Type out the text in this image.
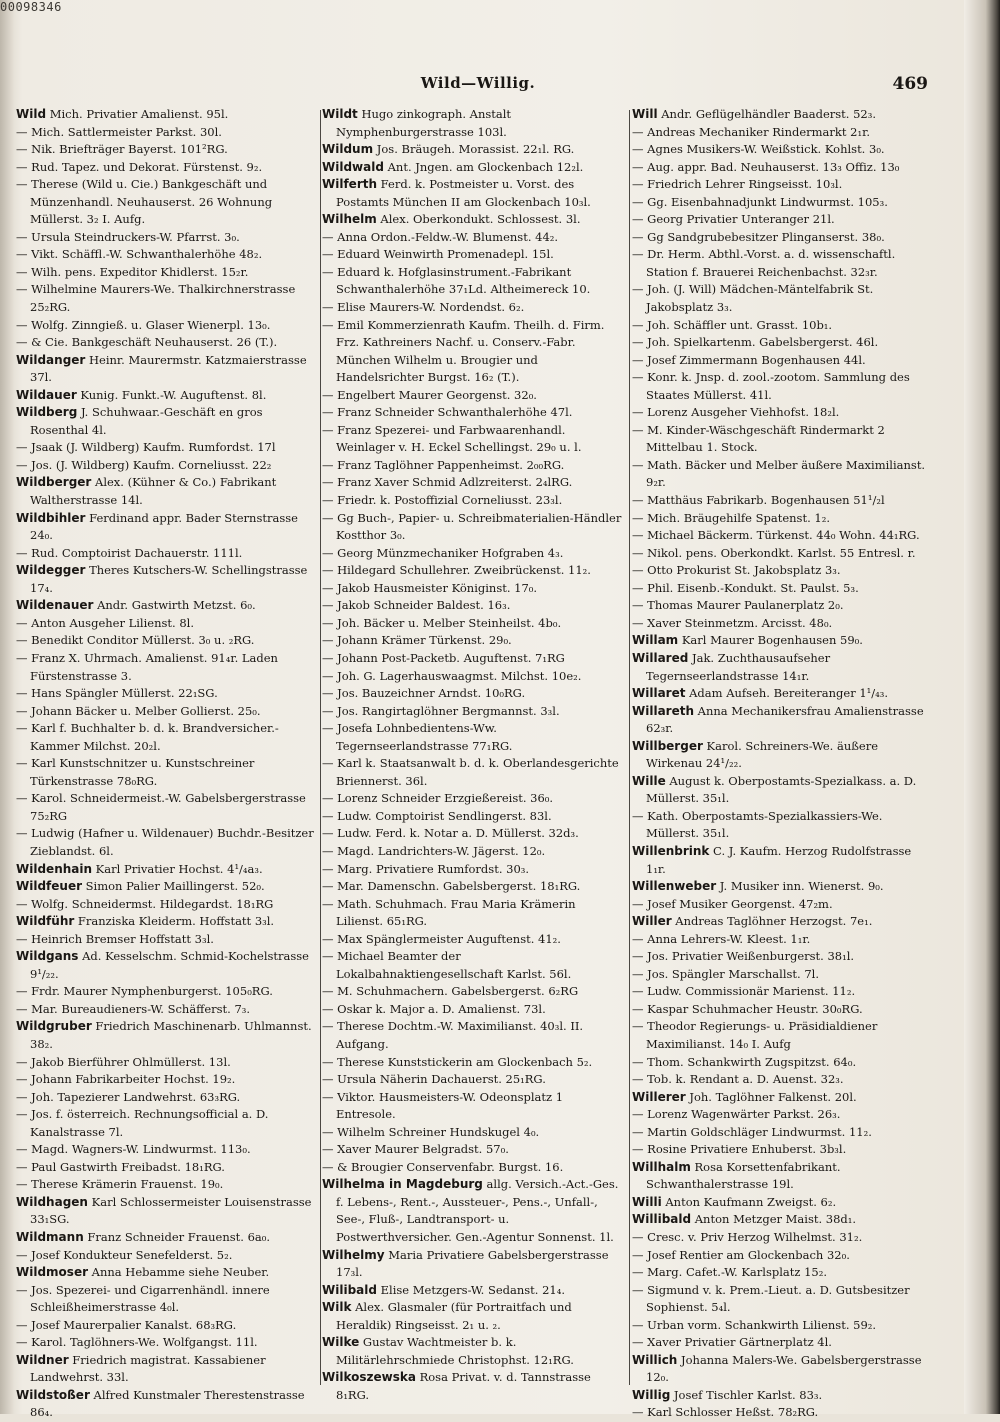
00098346
Wild—Willig.	469
Wild Mich. Privatier Amalienst. 95l.
— Mich. Sattlermeister Parkst. 30l.
— Nik. Briefträger Bayerst. 101²RG.
— Rud. Tapez. und Dekorat. Fürstenst. 9₂.
— Therese (Wild u. Cie.) Bankgeschäft und Münzenhandl. Neuhauserst. 26 Wohnung Müllerst. 3₂ I. Aufg.
— Ursula Steindruckers-W. Pfarrst. 3₀.
— Vikt. Schäffl.-W. Schwanthalerhöhe 48₂.
— Wilh. pens. Expeditor Khidlerst. 15₂r.
— Wilhelmine Maurers-We. Thalkirchnerstrasse 25₂RG.
— Wolfg. Zinngieß. u. Glaser Wienerpl. 13₀.
— & Cie. Bankgeschäft Neuhauserst. 26 (T.).
Wildanger Heinr. Maurermstr. Katzmaierstrasse 37l.
Wildauer Kunig. Funkt.-W. Auguftenst. 8l.
Wildberg J. Schuhwaar.-Geschäft en gros Rosenthal 4l.
— Jsaak (J. Wildberg) Kaufm. Rumfordst. 17l
— Jos. (J. Wildberg) Kaufm. Corneliusst. 22₂
Wildberger Alex. (Kühner & Co.) Fabrikant Waltherstrasse 14l.
Wildbihler Ferdinand appr. Bader Sternstrasse 24₀.
— Rud. Comptoirist Dachauerstr. 111l.
Wildegger Theres Kutschers-W. Schellingstrasse 17₄.
Wildenauer Andr. Gastwirth Metzst. 6₀.
— Anton Ausgeher Lilienst. 8l.
— Benedikt Conditor Müllerst. 3₀ u. ₂RG.
— Franz X. Uhrmach. Amalienst. 91₄r. Laden Fürstenstrasse 3.
— Hans Spängler Müllerst. 22₁SG.
— Johann Bäcker u. Melber Gollierst. 25₀.
— Karl f. Buchhalter b. d. k. Brandversicher.-Kammer Milchst. 20₂l.
— Karl Kunstschnitzer u. Kunstschreiner Türkenstrasse 78₀RG.
— Karol. Schneidermeist.-W. Gabelsbergerstrasse 75₂RG
— Ludwig (Hafner u. Wildenauer) Buchdr.-Besitzer Zieblandst. 6l.
Wildenhain Karl Privatier Hochst. 4¹/₄a₃.
Wildfeuer Simon Palier Maillingerst. 52₀.
— Wolfg. Schneidermst. Hildegardst. 18₁RG
Wildführ Franziska Kleiderm. Hoffstatt 3₃l.
— Heinrich Bremser Hoffstatt 3₃l.
Wildgans Ad. Kesselschm. Schmid-Kochelstrasse 9¹/₂₂.
— Frdr. Maurer Nymphenburgerst. 105₀RG.
— Mar. Bureaudieners-W. Schäfferst. 7₃.
Wildgruber Friedrich Maschinenarb. Uhlmannst. 38₂.
— Jakob Bierführer Ohlmüllerst. 13l.
— Johann Fabrikarbeiter Hochst. 19₂.
— Joh. Tapezierer Landwehrst. 63₃RG.
— Jos. f. österreich. Rechnungsofficial a. D. Kanalstrasse 7l.
— Magd. Wagners-W. Lindwurmst. 113₀.
— Paul Gastwirth Freibadst. 18₁RG.
— Therese Krämerin Frauenst. 19₀.
Wildhagen Karl Schlossermeister Louisenstrasse 33₁SG.
Wildmann Franz Schneider Frauenst. 6a₀.
— Josef Kondukteur Senefelderst. 5₂.
Wildmoser Anna Hebamme siehe Neuber.
— Jos. Spezerei- und Cigarrenhändl. innere Schleißheimerstrasse 4₀l.
— Josef Maurerpalier Kanalst. 68₃RG.
— Karol. Taglöhners-We. Wolfgangst. 11l.
Wildner Friedrich magistrat. Kassabiener Landwehrst. 33l.
Wildstoßer Alfred Kunstmaler Therestenstrasse 86₄.
Wildt Hugo zinkograph. Anstalt Nymphenburgerstrasse 103l.
Wildum Jos. Bräugeh. Morassist. 22₁l. RG.
Wildwald Ant. Jngen. am Glockenbach 12₂l.
Wilferth Ferd. k. Postmeister u. Vorst. des Postamts München II am Glockenbach 10₃l.
Wilhelm Alex. Oberkondukt. Schlossest. 3l.
— Anna Ordon.-Feldw.-W. Blumenst. 44₂.
— Eduard Weinwirth Promenadepl. 15l.
— Eduard k. Hofglasinstrument.-Fabrikant Schwanthalerhöhe 37₁Ld. Altheimereck 10.
— Elise Maurers-W. Nordendst. 6₂.
— Emil Kommerzienrath Kaufm. Theilh. d. Firm. Frz. Kathreiners Nachf. u. Conserv.-Fabr. München Wilhelm u. Brougier und Handelsrichter Burgst. 16₂ (T.).
— Engelbert Maurer Georgenst. 32₀.
— Franz Schneider Schwanthalerhöhe 47l.
— Franz Spezerei- und Farbwaarenhandl. Weinlager v. H. Eckel Schellingst. 29₀ u. l.
— Franz Taglöhner Pappenheimst. 2₀₀RG.
— Franz Xaver Schmid Adlzreiterst. 2₄lRG.
— Friedr. k. Postoffizial Corneliusst. 23₃l.
— Gg Buch-, Papier- u. Schreibmaterialien-Händler Kostthor 3₀.
— Georg Münzmechaniker Hofgraben 4₃.
— Hildegard Schullehrer. Zweibrückenst. 11₂.
— Jakob Hausmeister Königinst. 17₀.
— Jakob Schneider Baldest. 16₃.
— Joh. Bäcker u. Melber Steinheilst. 4b₀.
— Johann Krämer Türkenst. 29₀.
— Johann Post-Packetb. Auguftenst. 7₁RG
— Joh. G. Lagerhauswaagmst. Milchst. 10e₂.
— Jos. Bauzeichner Arndst. 10₀RG.
— Jos. Rangirtaglöhner Bergmannst. 3₃l.
— Josefa Lohnbedientens-Ww. Tegernseerlandstrasse 77₁RG.
— Karl k. Staatsanwalt b. d. k. Oberlandesgerichte Briennerst. 36l.
— Lorenz Schneider Erzgießereist. 36₀.
— Ludw. Comptoirist Sendlingerst. 83l.
— Ludw. Ferd. k. Notar a. D. Müllerst. 32d₃.
— Magd. Landrichters-W. Jägerst. 12₀.
— Marg. Privatiere Rumfordst. 30₃.
— Mar. Damenschn. Gabelsbergerst. 18₁RG.
— Math. Schuhmach. Frau Maria Krämerin Lilienst. 65₁RG.
— Max Spänglermeister Auguftenst. 41₂.
— Michael Beamter der Lokalbahnaktiengesellschaft Karlst. 56l.
— M. Schuhmachern. Gabelsbergerst. 6₂RG
— Oskar k. Major a. D. Amalienst. 73l.
— Therese Dochtm.-W. Maximilianst. 40₃l. II. Aufgang.
— Therese Kunststickerin am Glockenbach 5₂.
— Ursula Näherin Dachauerst. 25₁RG.
— Viktor. Hausmeisters-W. Odeonsplatz 1 Entresole.
— Wilhelm Schreiner Hundskugel 4₀.
— Xaver Maurer Belgradst. 57₀.
— & Brougier Conservenfabr. Burgst. 16.
Wilhelma in Magdeburg allg. Versich.-Act.-Ges. f. Lebens-, Rent.-, Aussteuer-, Pens.-, Unfall-, See-, Fluß-, Landtransport- u. Postwerthversicher. Gen.-Agentur Sonnenst. 1l.
Wilhelmy Maria Privatiere Gabelsbergerstrasse 17₃l.
Wilibald Elise Metzgers-W. Sedanst. 21₄.
Wilk Alex. Glasmaler (für Portraitfach und Heraldik) Ringseisst. 2₁ u. ₂.
Wilke Gustav Wachtmeister b. k. Militärlehrschmiede Christophst. 12₁RG.
Wilkoszewska Rosa Privat. v. d. Tannstrasse 8₁RG.
Will Andr. Geflügelhändler Baaderst. 52₃.
— Andreas Mechaniker Rindermarkt 2₁r.
— Agnes Musikers-W. Weißstick. Kohlst. 3₀.
— Aug. appr. Bad. Neuhauserst. 13₃ Offiz. 13₀
— Friedrich Lehrer Ringseisst. 10₃l.
— Gg. Eisenbahnadjunkt Lindwurmst. 105₃.
— Georg Privatier Unteranger 21l.
— Gg Sandgrubebesitzer Plinganserst. 38₀.
— Dr. Herm. Abthl.-Vorst. a. d. wissenschaftl. Station f. Brauerei Reichenbachst. 32₃r.
— Joh. (J. Will) Mädchen-Mäntelfabrik St. Jakobsplatz 3₃.
— Joh. Schäffler unt. Grasst. 10b₁.
— Joh. Spielkartenm. Gabelsbergerst. 46l.
— Josef Zimmermann Bogenhausen 44l.
— Konr. k. Jnsp. d. zool.-zootom. Sammlung des Staates Müllerst. 41l.
— Lorenz Ausgeher Viehhofst. 18₂l.
— M. Kinder-Wäschgeschäft Rindermarkt 2 Mittelbau 1. Stock.
— Math. Bäcker und Melber äußere Maximilianst. 9₂r.
— Matthäus Fabrikarb. Bogenhausen 51¹/₂l
— Mich. Bräugehilfe Spatenst. 1₂.
— Michael Bäckerm. Türkenst. 44₀ Wohn. 44₁RG.
— Nikol. pens. Oberkondkt. Karlst. 55 Entresl. r.
— Otto Prokurist St. Jakobsplatz 3₃.
— Phil. Eisenb.-Kondukt. St. Paulst. 5₃.
— Thomas Maurer Paulanerplatz 2₀.
— Xaver Steinmetzm. Arcisst. 48₀.
Willam Karl Maurer Bogenhausen 59₀.
Willared Jak. Zuchthausaufseher Tegernseerlandstrasse 14₁r.
Willaret Adam Aufseh. Bereiteranger 1¹/₄₃.
Willareth Anna Mechanikersfrau Amalienstrasse 62₃r.
Willberger Karol. Schreiners-We. äußere Wirkenau 24¹/₂₂.
Wille August k. Oberpostamts-Spezialkass. a. D. Müllerst. 35₁l.
— Kath. Oberpostamts-Spezialkassiers-We. Müllerst. 35₁l.
Willenbrink C. J. Kaufm. Herzog Rudolfstrasse 1₁r.
Willenweber J. Musiker inn. Wienerst. 9₀.
— Josef Musiker Georgenst. 47₂m.
Willer Andreas Taglöhner Herzogst. 7e₁.
— Anna Lehrers-W. Kleest. 1₁r.
— Jos. Privatier Weißenburgerst. 38₁l.
— Jos. Spängler Marschallst. 7l.
— Ludw. Commissionär Marienst. 11₂.
— Kaspar Schuhmacher Heustr. 30₀RG.
— Theodor Regierungs- u. Präsidialdiener Maximilianst. 14₀ I. Aufg
— Thom. Schankwirth Zugspitzst. 64₀.
— Tob. k. Rendant a. D. Auenst. 32₃.
Willerer Joh. Taglöhner Falkenst. 20l.
— Lorenz Wagenwärter Parkst. 26₃.
— Martin Goldschläger Lindwurmst. 11₂.
— Rosine Privatiere Enhuberst. 3b₃l.
Willhalm Rosa Korsettenfabrikant. Schwanthalerstrasse 19l.
Willi Anton Kaufmann Zweigst. 6₂.
Willibald Anton Metzger Maist. 38d₁.
— Cresc. v. Priv Herzog Wilhelmst. 31₂.
— Josef Rentier am Glockenbach 32₀.
— Marg. Cafet.-W. Karlsplatz 15₂.
— Sigmund v. k. Prem.-Lieut. a. D. Gutsbesitzer Sophienst. 5₄l.
— Urban vorm. Schankwirth Lilienst. 59₂.
— Xaver Privatier Gärtnerplatz 4l.
Willich Johanna Malers-We. Gabelsbergerstrasse 12₀.
Willig Josef Tischler Karlst. 83₃.
— Karl Schlosser Heßst. 78₂RG.
